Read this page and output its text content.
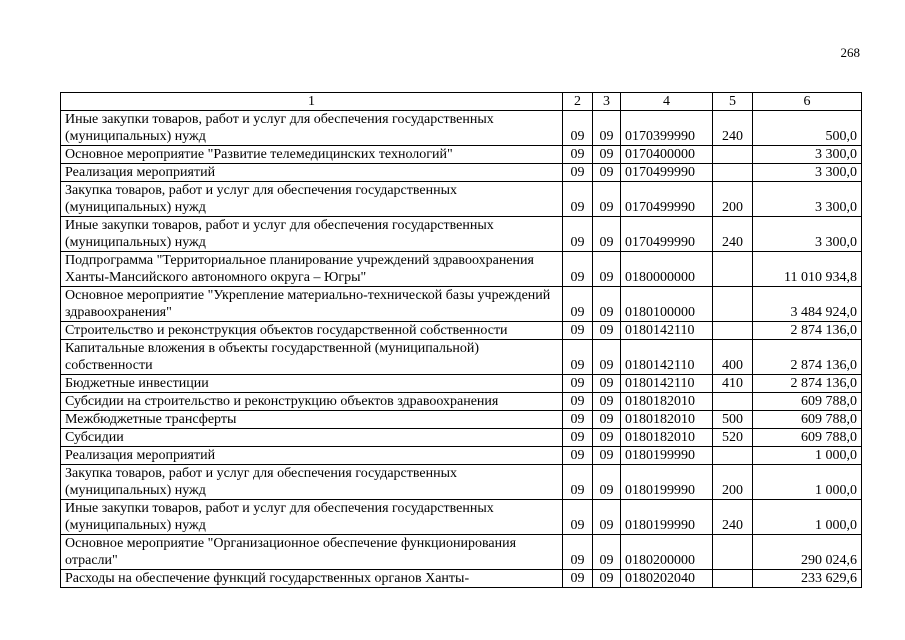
268
1	2	3	4	5	6
Иные закупки товаров, работ и услуг для обеспечения государственных (муниципальных) нужд	09	09	0170399990	240	500,0
Основное мероприятие "Развитие телемедицинских технологий"	09	09	0170400000		3 300,0
Реализация мероприятий	09	09	0170499990		3 300,0
Закупка товаров, работ и услуг для обеспечения государственных (муниципальных) нужд	09	09	0170499990	200	3 300,0
Иные закупки товаров, работ и услуг для обеспечения государственных (муниципальных) нужд	09	09	0170499990	240	3 300,0
Подпрограмма "Территориальное планирование учреждений здравоохранения Ханты-Мансийского автономного округа – Югры"	09	09	0180000000		11 010 934,8
Основное мероприятие "Укрепление материально-технической базы учреждений здравоохранения"	09	09	0180100000		3 484 924,0
Строительство и реконструкция объектов государственной собственности	09	09	0180142110		2 874 136,0
Капитальные вложения в объекты государственной (муниципальной) собственности	09	09	0180142110	400	2 874 136,0
Бюджетные инвестиции	09	09	0180142110	410	2 874 136,0
Субсидии на строительство и реконструкцию объектов здравоохранения	09	09	0180182010		609 788,0
Межбюджетные трансферты	09	09	0180182010	500	609 788,0
Субсидии	09	09	0180182010	520	609 788,0
Реализация мероприятий	09	09	0180199990		1 000,0
Закупка товаров, работ и услуг для обеспечения государственных (муниципальных) нужд	09	09	0180199990	200	1 000,0
Иные закупки товаров, работ и услуг для обеспечения государственных (муниципальных) нужд	09	09	0180199990	240	1 000,0
Основное мероприятие "Организационное обеспечение функционирования отрасли"	09	09	0180200000		290 024,6
Расходы на обеспечение функций государственных органов Ханты-	09	09	0180202040		233 629,6
